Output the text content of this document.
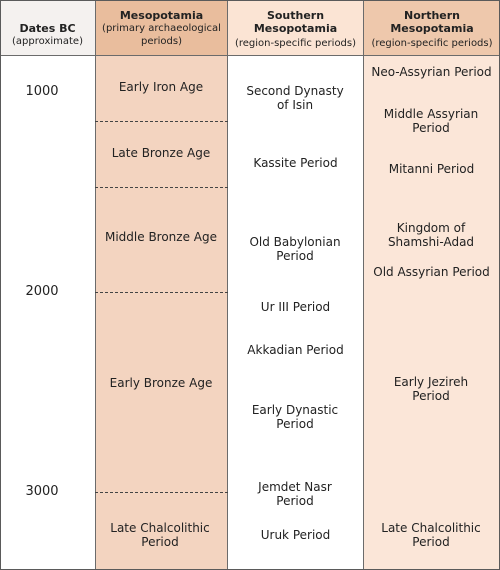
Dates BC
(approximate)
Mesopotamia
(primary archaeological periods)
Southern Mesopotamia
(region-specific periods)
Northern Mesopotamia
(region-specific periods)
1000
2000
3000
Early Iron Age
Late Bronze Age
Middle Bronze Age
Early Bronze Age
Late Chalcolithic Period
Second Dynasty of Isin
Kassite Period
Old Babylonian Period
Ur III Period
Akkadian Period
Early Dynastic Period
Jemdet Nasr Period
Uruk Period
Neo-Assyrian Period
Middle Assyrian Period
Mitanni Period
Kingdom of Shamshi-Adad
Old Assyrian Period
Early Jezireh Period
Late Chalcolithic Period
